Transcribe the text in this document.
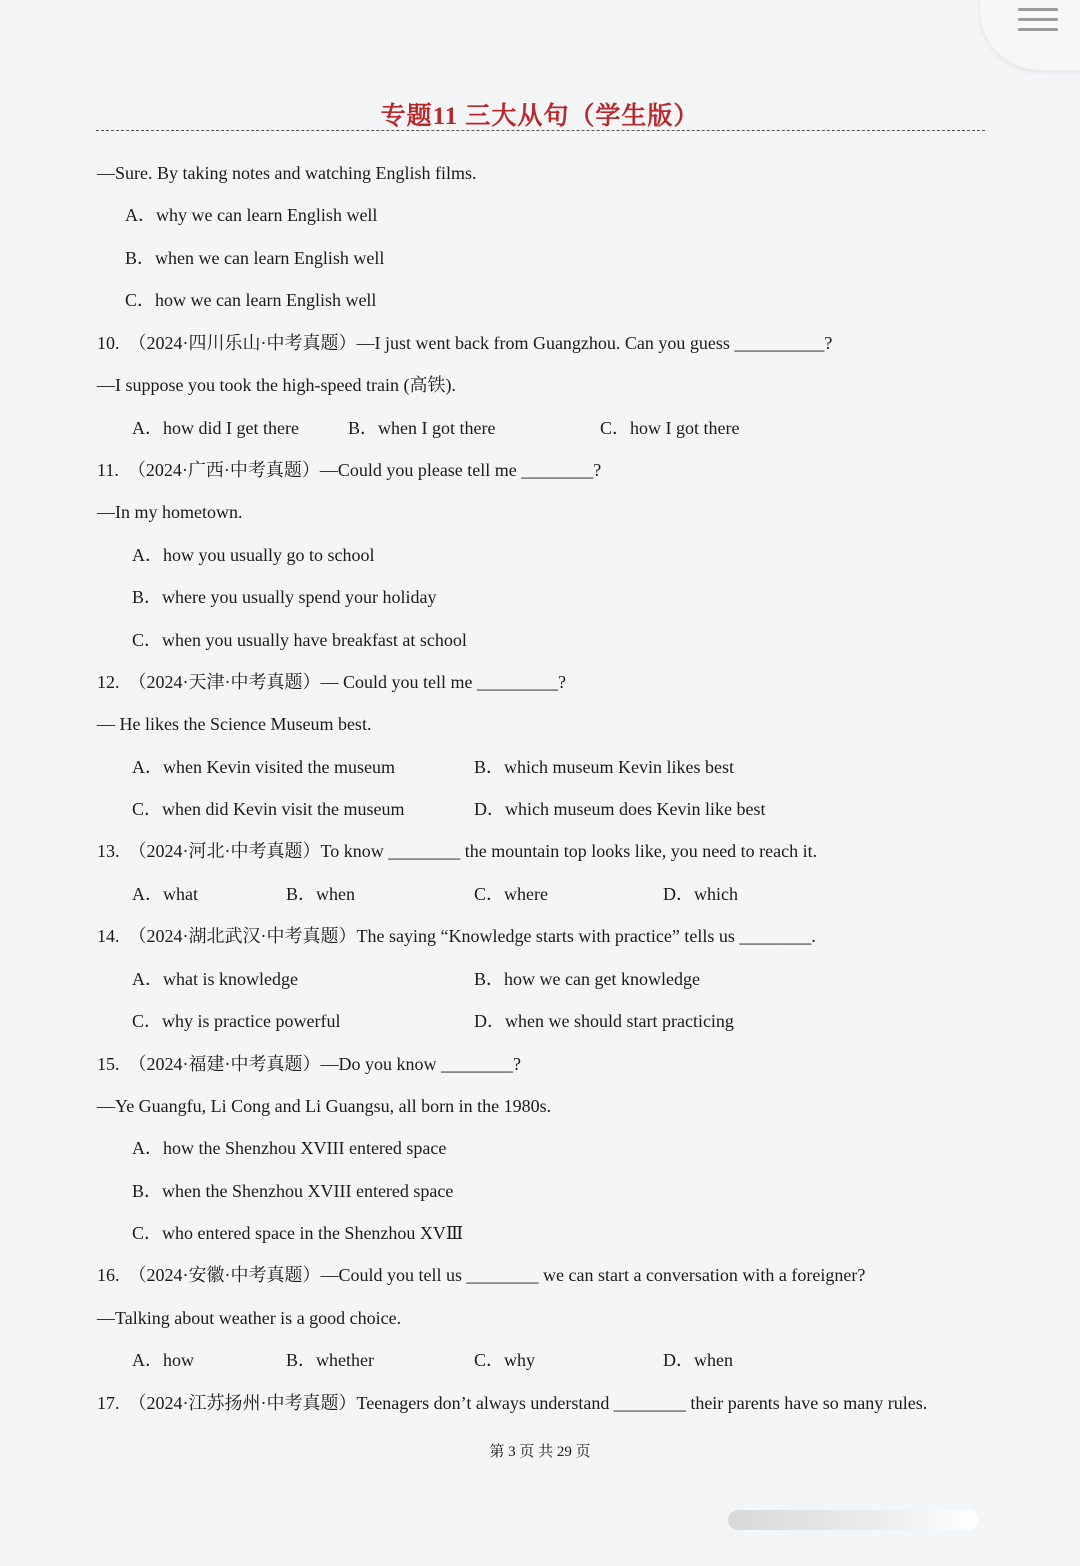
专题11 三大从句（学生版）
—Sure. By taking notes and watching English films.
A．why we can learn English well
B．when we can learn English well
C．how we can learn English well
10.　（2024·四川乐山·中考真题）—I just went back from Guangzhou. Can you guess __________?
—I suppose you took the high-speed train (高铁).
A．how did I get there	B．when I got there	C．how I got there
11.　（2024·广西·中考真题）—Could you please tell me ________?
—In my hometown.
A．how you usually go to school
B．where you usually spend your holiday
C．when you usually have breakfast at school
12.　（2024·天津·中考真题）— Could you tell me _________?
— He likes the Science Museum best.
A．when Kevin visited the museum	B．which museum Kevin likes best
C．when did Kevin visit the museum	D．which museum does Kevin like best
13.　（2024·河北·中考真题）To know ________ the mountain top looks like, you need to reach it.
A．what	B．when	C．where	D．which
14.　（2024·湖北武汉·中考真题）The saying “Knowledge starts with practice” tells us ________.
A．what is knowledge	B．how we can get knowledge
C．why is practice powerful	D．when we should start practicing
15.　（2024·福建·中考真题）—Do you know ________?
—Ye Guangfu, Li Cong and Li Guangsu, all born in the 1980s.
A．how the Shenzhou XVIII entered space
B．when the Shenzhou XVIII entered space
C．who entered space in the Shenzhou XVⅢ
16.　（2024·安徽·中考真题）—Could you tell us ________ we can start a conversation with a foreigner?
—Talking about weather is a good choice.
A．how	B．whether	C．why	D．when
17.　（2024·江苏扬州·中考真题）Teenagers don’t always understand ________ their parents have so many rules.
第 3 页 共 29 页
